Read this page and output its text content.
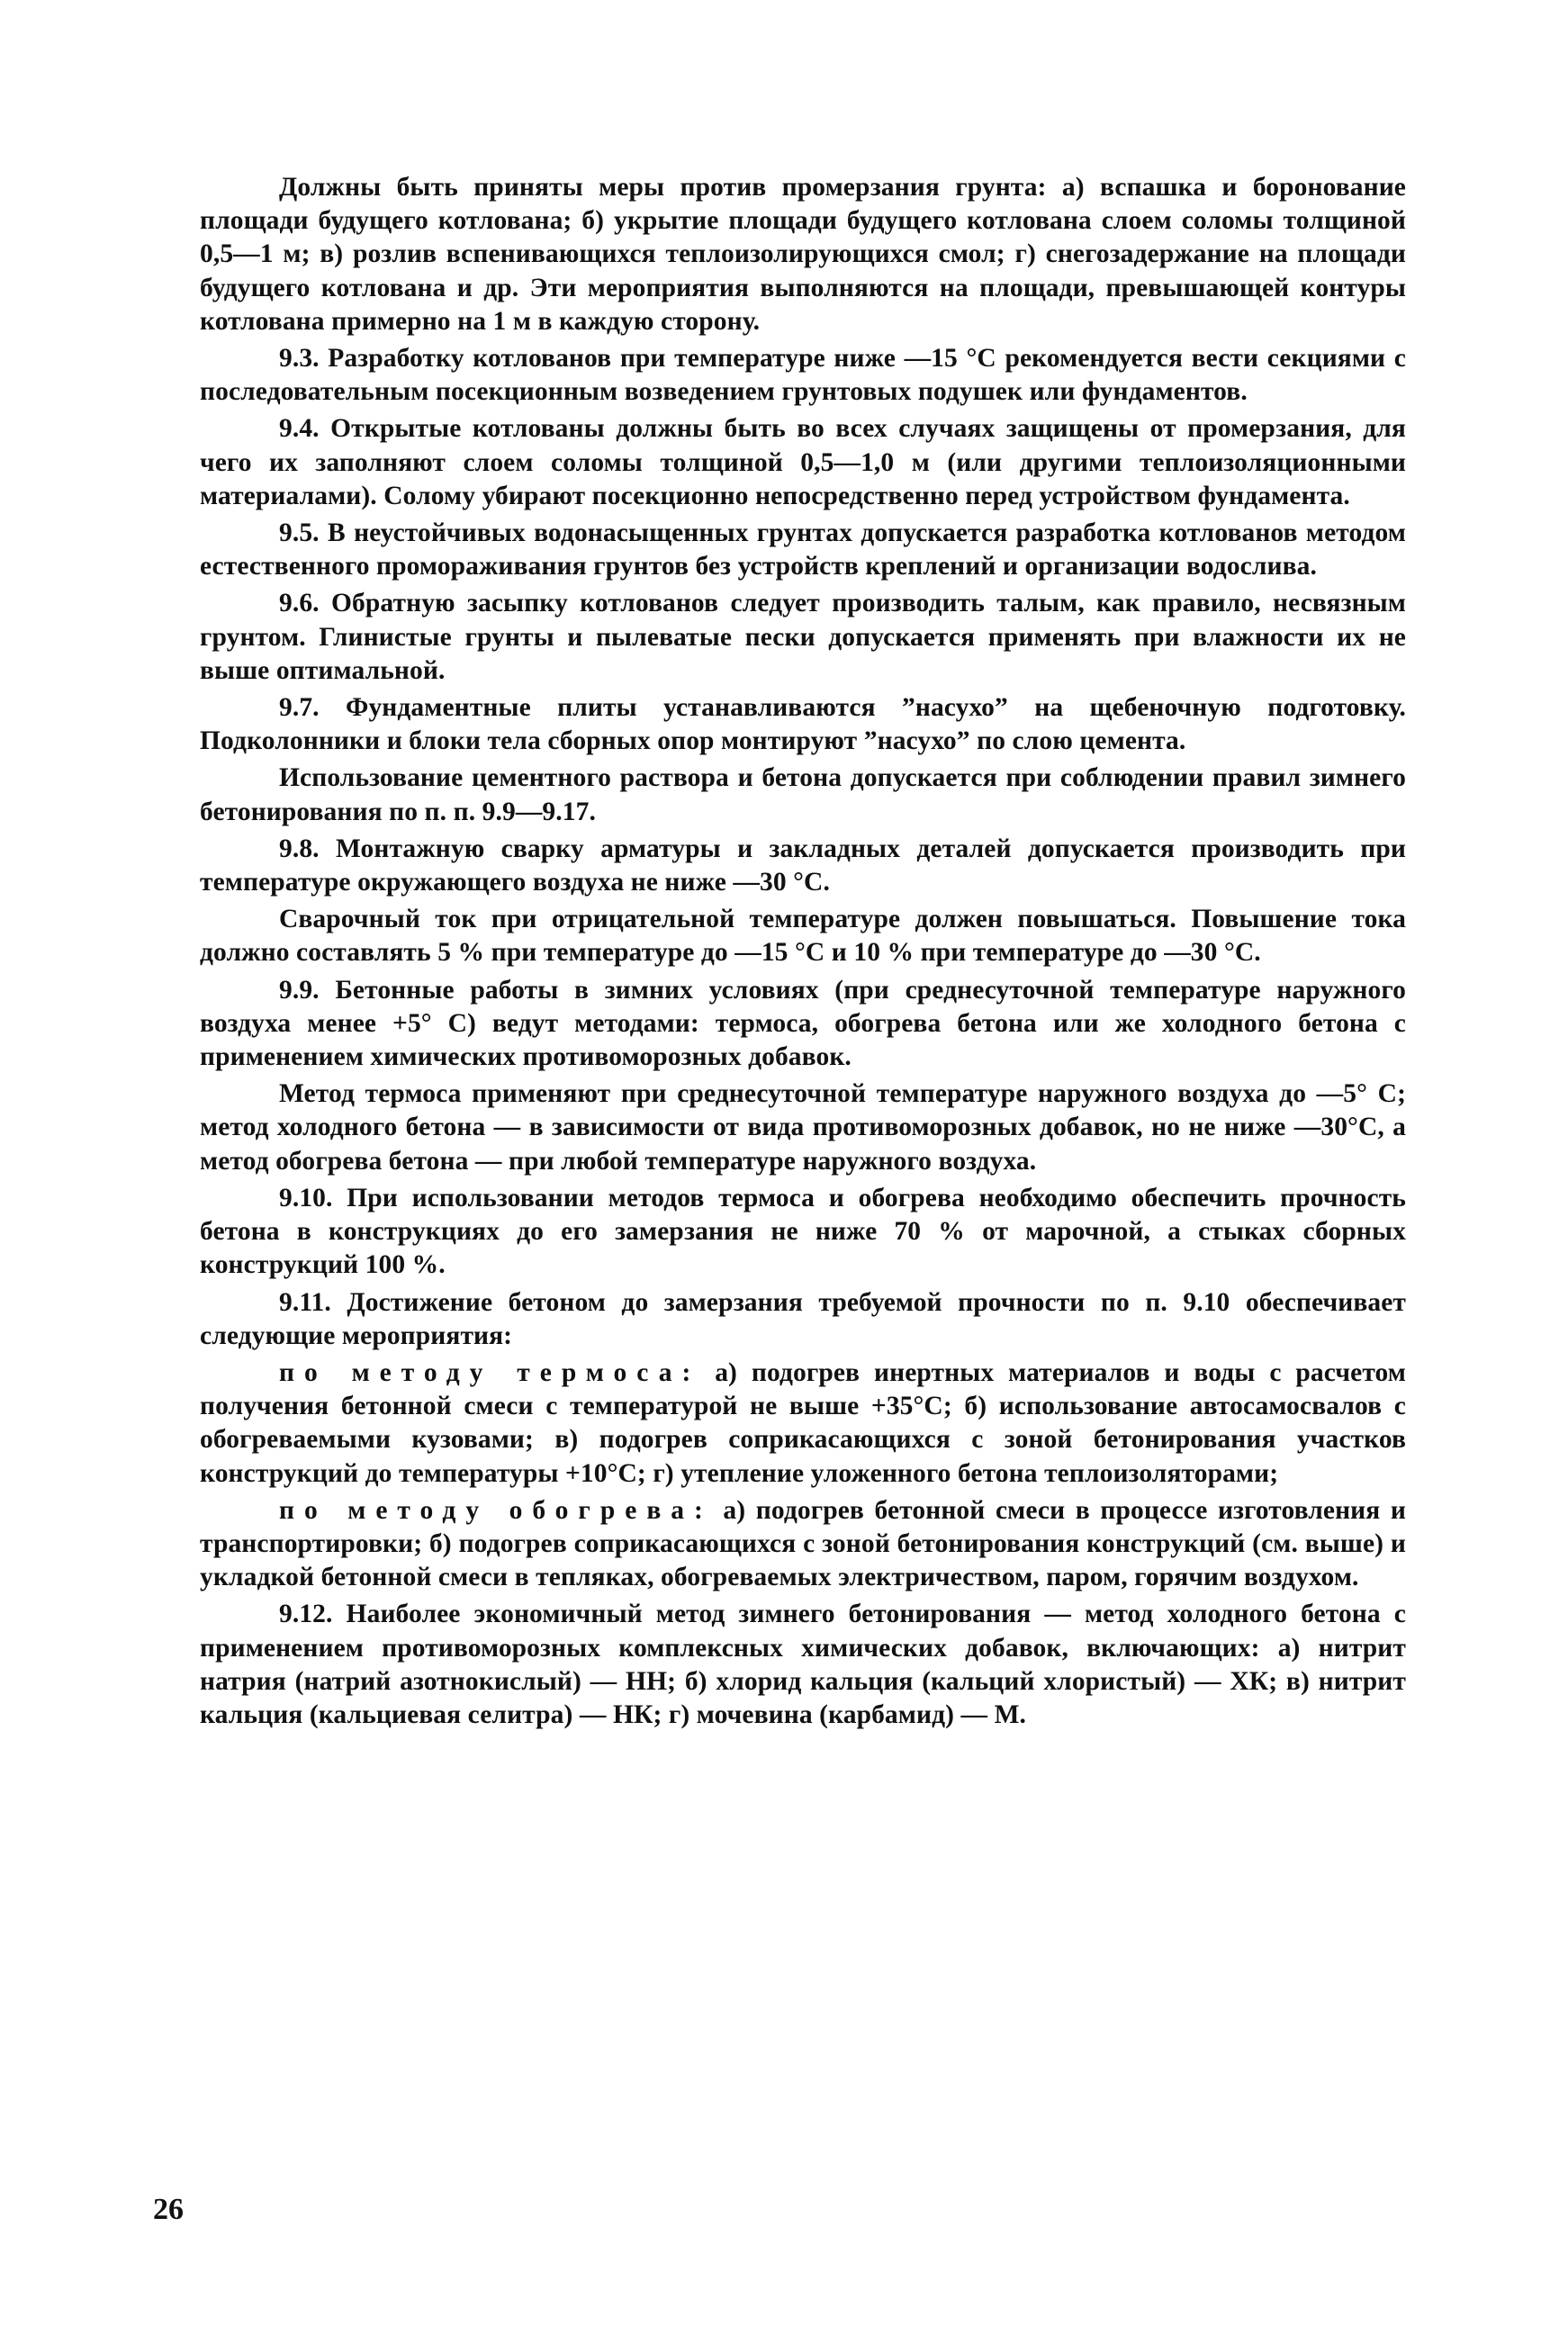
Должны быть приняты меры против промерзания грунта: а) вспашка и боронование площади будущего котлована; б) укрытие площади будущего котлована слоем соломы толщиной 0,5—1 м; в) розлив вспенивающихся теплоизолирующихся смол; г) снегозадержание на площади будущего котлована и др. Эти мероприятия выполняются на площади, превышающей контуры котлована примерно на 1 м в каждую сторону.

9.3. Разработку котлованов при температуре ниже —15 °С рекомендуется вести секциями с последовательным посекционным возведением грунтовых подушек или фундаментов.

9.4. Открытые котлованы должны быть во всех случаях защищены от промерзания, для чего их заполняют слоем соломы толщиной 0,5—1,0 м (или другими теплоизоляционными материалами). Солому убирают посекционно непосредственно перед устройством фундамента.

9.5. В неустойчивых водонасыщенных грунтах допускается разработка котлованов методом естественного промораживания грунтов без устройств креплений и организации водослива.

9.6. Обратную засыпку котлованов следует производить талым, как правило, несвязным грунтом. Глинистые грунты и пылеватые пески допускается применять при влажности их не выше оптимальной.

9.7. Фундаментные плиты устанавливаются ”насухо” на щебеночную подготовку. Подколонники и блоки тела сборных опор монтируют ”насухо” по слою цемента.

Использование цементного раствора и бетона допускается при соблюдении правил зимнего бетонирования по п. п. 9.9—9.17.

9.8. Монтажную сварку арматуры и закладных деталей допускается производить при температуре окружающего воздуха не ниже —30 °С.

Сварочный ток при отрицательной температуре должен повышаться. Повышение тока должно составлять 5 % при температуре до —15 °С и 10 % при температуре до —30 °С.

9.9. Бетонные работы в зимних условиях (при среднесуточной температуре наружного воздуха менее +5° С) ведут методами: термоса, обогрева бетона или же холодного бетона с применением химических противоморозных добавок.

Метод термоса применяют при среднесуточной температуре наружного воздуха до —5° С; метод холодного бетона — в зависимости от вида противоморозных добавок, но не ниже —30°С, а метод обогрева бетона — при любой температуре наружного воздуха.

9.10. При использовании методов термоса и обогрева необходимо обеспечить прочность бетона в конструкциях до его замерзания не ниже 70 % от марочной, а стыках сборных конструкций 100 %.

9.11. Достижение бетоном до замерзания требуемой прочности по п. 9.10 обеспечивает следующие мероприятия:

по методу термоса: а) подогрев инертных материалов и воды с расчетом получения бетонной смеси с температурой не выше +35°С; б) использование автосамосвалов с обогреваемыми кузовами; в) подогрев соприкасающихся с зоной бетонирования участков конструкций до температуры +10°С; г) утепление уложенного бетона теплоизоляторами;

по методу обогрева: а) подогрев бетонной смеси в процессе изготовления и транспортировки; б) подогрев соприкасающихся с зоной бетонирования конструкций (см. выше) и укладкой бетонной смеси в тепляках, обогреваемых электричеством, паром, горячим воздухом.

9.12. Наиболее экономичный метод зимнего бетонирования — метод холодного бетона с применением противоморозных комплексных химических добавок, включающих: а) нитрит натрия (натрий азотнокислый) — НН; б) хлорид кальция (кальций хлористый) — ХК; в) нитрит кальция (кальциевая селитра) — НК; г) мочевина (карбамид) — М.

26
